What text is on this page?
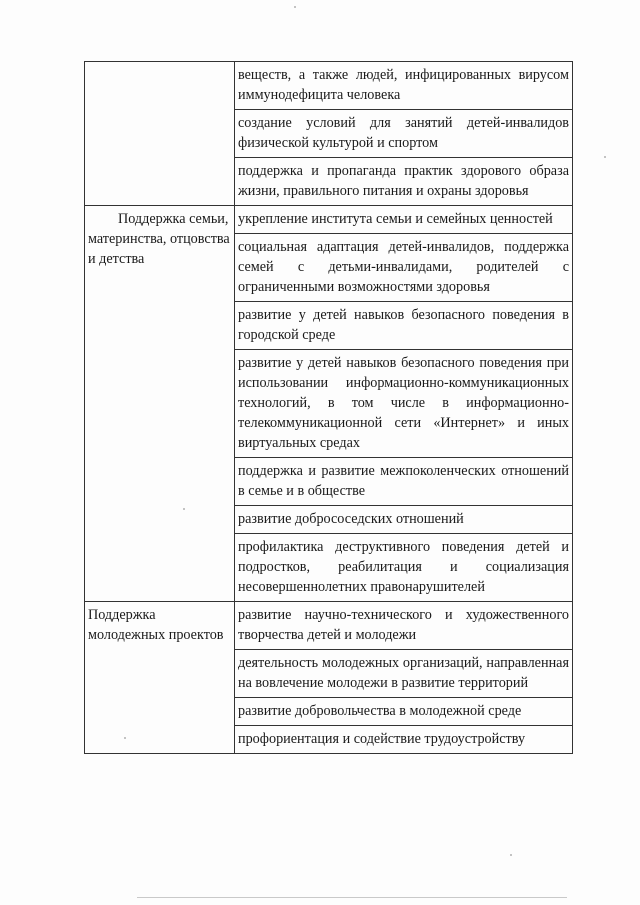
	веществ, а также людей, инфицированных вирусом иммунодефицита человека
	создание условий для занятий детей-инвалидов физической культурой и спортом
	поддержка и пропаганда практик здорового образа жизни, правильного питания и охраны здоровья

Поддержка семьи, материнства, отцовства и детства	укрепление института семьи и семейных ценностей
	социальная адаптация детей-инвалидов, поддержка семей с детьми-инвалидами, родителей с ограниченными возможностями здоровья
	развитие у детей навыков безопасного поведения в городской среде
	развитие у детей навыков безопасного поведения при использовании информационно-коммуникационных технологий, в том числе в информационно-телекоммуникационной сети «Интернет» и иных виртуальных средах
	поддержка и развитие межпоколенческих отношений в семье и в обществе
	развитие добрососедских отношений
	профилактика деструктивного поведения детей и подростков, реабилитация и социализация несовершеннолетних правонарушителей

Поддержка молодежных проектов	развитие научно-технического и художественного творчества детей и молодежи
	деятельность молодежных организаций, направленная на вовлечение молодежи в развитие территорий
	развитие добровольчества в молодежной среде
	профориентация и содействие трудоустройству
